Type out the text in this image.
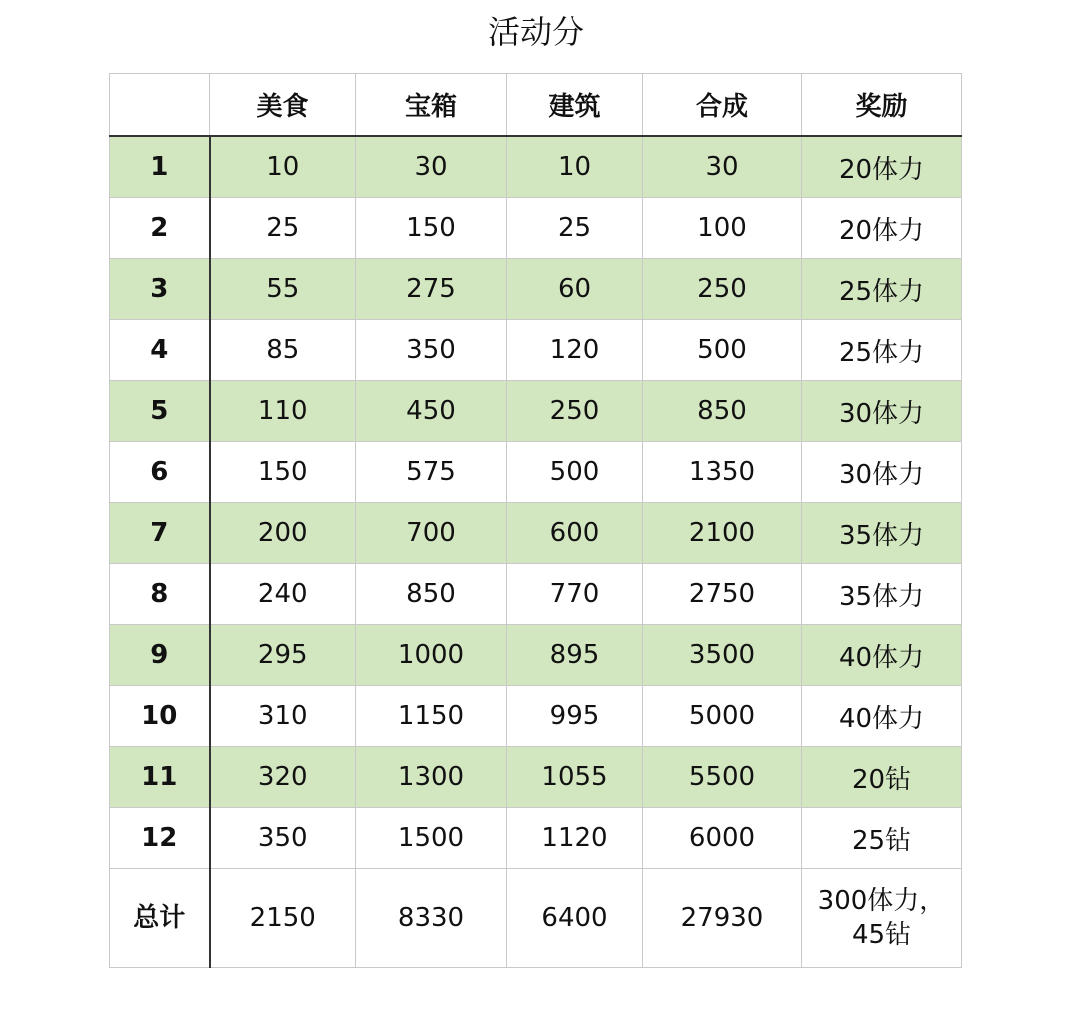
活动分
	美食	宝箱	建筑	合成	奖励
1	10	30	10	30	20体力
2	25	150	25	100	20体力
3	55	275	60	250	25体力
4	85	350	120	500	25体力
5	110	450	250	850	30体力
6	150	575	500	1350	30体力
7	200	700	600	2100	35体力
8	240	850	770	2750	35体力
9	295	1000	895	3500	40体力
10	310	1150	995	5000	40体力
11	320	1300	1055	5500	20钻
12	350	1500	1120	6000	25钻
总计	2150	8330	6400	27930	300体力，
45钻
